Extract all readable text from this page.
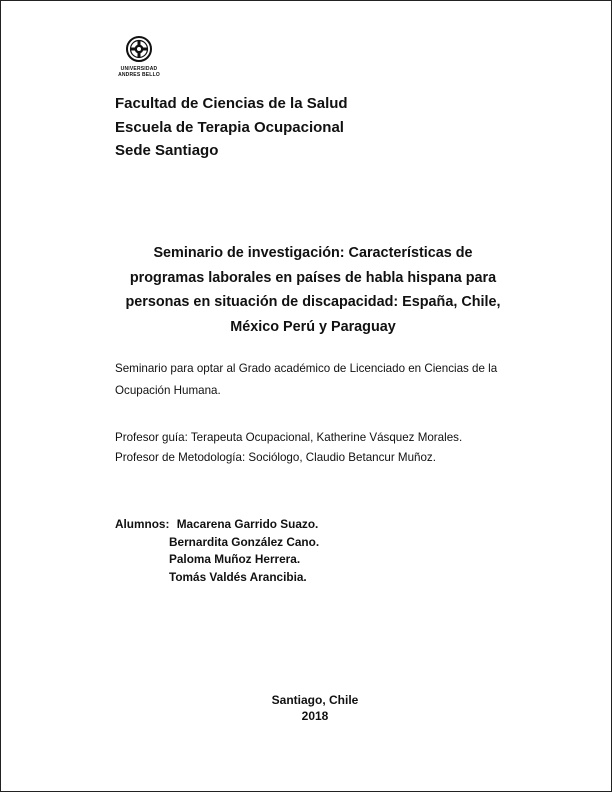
UNIVERSIDAD ANDRES BELLO
Facultad de Ciencias de la Salud
Escuela de Terapia Ocupacional
Sede Santiago
Seminario de investigación: Características de programas laborales en países de habla hispana para personas en situación de discapacidad: España, Chile, México Perú y Paraguay
Seminario para optar al Grado académico de Licenciado en Ciencias de la Ocupación Humana.
Profesor guía: Terapeuta Ocupacional, Katherine Vásquez Morales.
Profesor de Metodología: Sociólogo, Claudio Betancur Muñoz.
Alumnos: Macarena Garrido Suazo.
Bernardita González Cano.
Paloma Muñoz Herrera.
Tomás Valdés Arancibia.
Santiago, Chile
2018
